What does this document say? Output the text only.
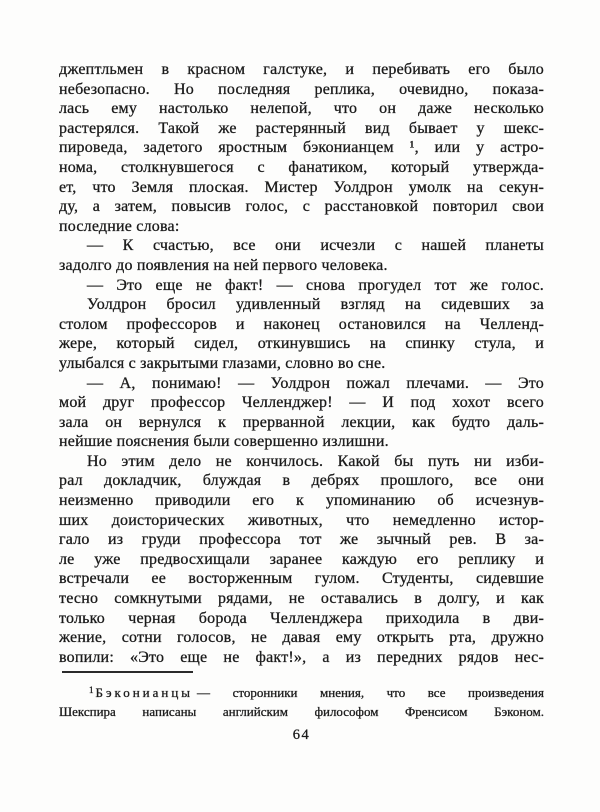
джептльмен в красном галстуке, и перебивать его было
небезопасно. Но последняя реплика, очевидно, показа-
лась ему настолько нелепой, что он даже несколько
растерялся. Такой же растерянный вид бывает у шекс-
пироведа, задетого яростным бэконианцем ¹, или у астро-
нома, столкнувшегося с фанатиком, который утвержда-
ет, что Земля плоская. Мистер Уолдрон умолк на секун-
ду, а затем, повысив голос, с расстановкой повторил свои
последние слова:
— К счастью, все они исчезли с нашей планеты
задолго до появления на ней первого человека.
— Это еще не факт! — снова прогудел тот же голос.
Уолдрон бросил удивленный взгляд на сидевших за
столом профессоров и наконец остановился на Челленд-
жере, который сидел, откинувшись на спинку стула, и
улыбался с закрытыми глазами, словно во сне.
— А, понимаю! — Уолдрон пожал плечами. — Это
мой друг профессор Челленджер! — И под хохот всего
зала он вернулся к прерванной лекции, как будто даль-
нейшие пояснения были совершенно излишни.
Но этим дело не кончилось. Какой бы путь ни изби-
рал докладчик, блуждая в дебрях прошлого, все они
неизменно приводили его к упоминанию об исчезнув-
ших доисторических животных, что немедленно истор-
гало из груди профессора тот же зычный рев. В за-
ле уже предвосхищали заранее каждую его реплику и
встречали ее восторженным гулом. Студенты, сидевшие
тесно сомкнутыми рядами, не оставались в долгу, и как
только черная борода Челленджера приходила в дви-
жение, сотни голосов, не давая ему открыть рта, дружно
вопили: «Это еще не факт!», а из передних рядов нес-
$^1$ Бэконианцы — сторонники мнения, что все произведения
Шекспира написаны английским философом Френсисом Бэконом.
64
